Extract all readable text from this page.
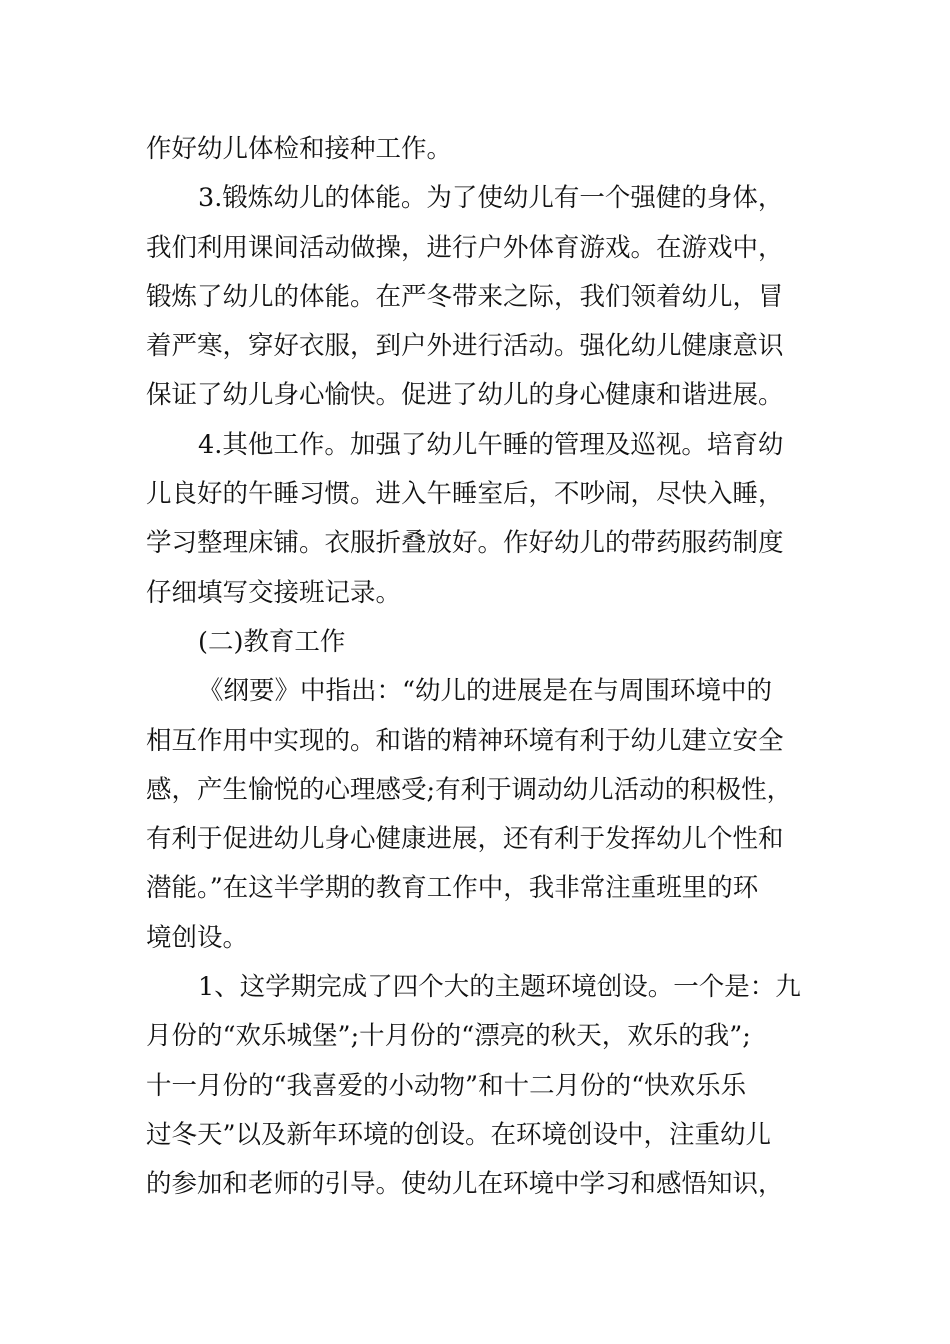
作好幼儿体检和接种工作。
3.锻炼幼儿的体能。为了使幼儿有一个强健的身体，
我们利用课间活动做操，进行户外体育游戏。在游戏中，
锻炼了幼儿的体能。在严冬带来之际，我们领着幼儿，冒
着严寒，穿好衣服，到户外进行活动。强化幼儿健康意识
保证了幼儿身心愉快。促进了幼儿的身心健康和谐进展。
4.其他工作。加强了幼儿午睡的管理及巡视。培育幼
儿良好的午睡习惯。进入午睡室后，不吵闹，尽快入睡，
学习整理床铺。衣服折叠放好。作好幼儿的带药服药制度
仔细填写交接班记录。
(二)教育工作
《纲要》中指出：“幼儿的进展是在与周围环境中的
相互作用中实现的。和谐的精神环境有利于幼儿建立安全
感，产生愉悦的心理感受;有利于调动幼儿活动的积极性，
有利于促进幼儿身心健康进展，还有利于发挥幼儿个性和
潜能。”在这半学期的教育工作中，我非常注重班里的环
境创设。
1、这学期完成了四个大的主题环境创设。一个是：九
月份的“欢乐城堡”;十月份的“漂亮的秋天，欢乐的我”;
十一月份的“我喜爱的小动物”和十二月份的“快欢乐乐
过冬天”以及新年环境的创设。在环境创设中，注重幼儿
的参加和老师的引导。使幼儿在环境中学习和感悟知识，
